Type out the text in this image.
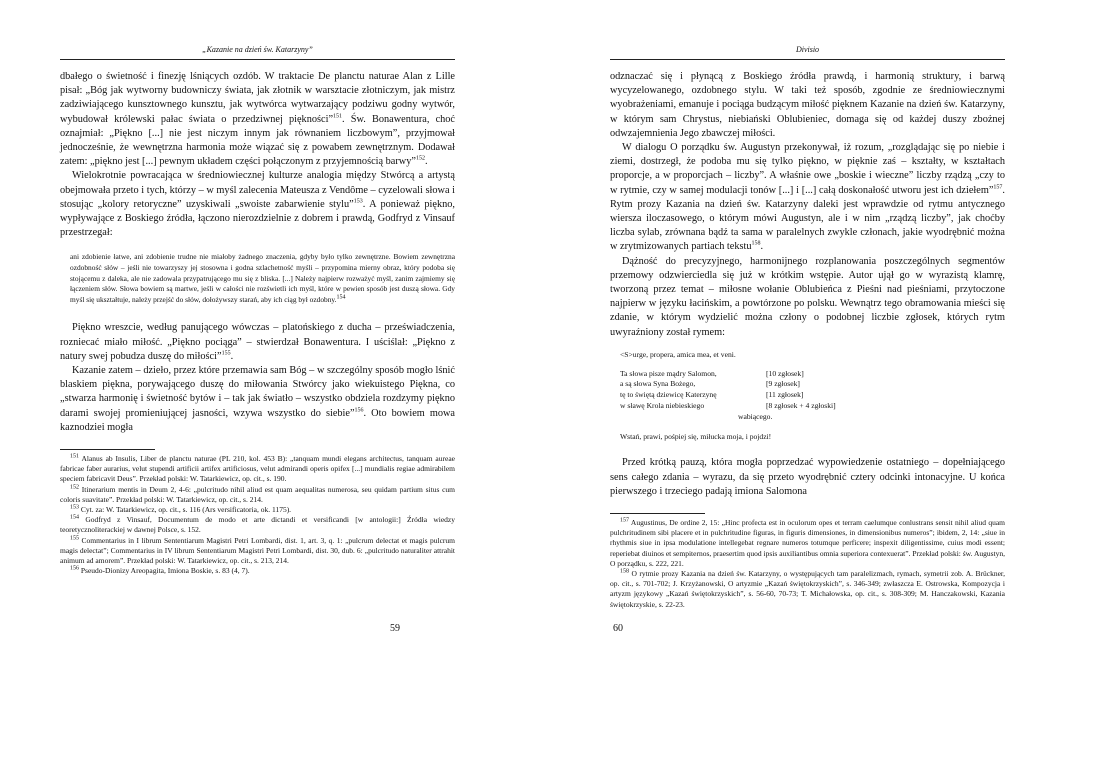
„Kazanie na dzień św. Katarzyny”

dbałego o świetność i finezję lśniących ozdób. W traktacie De planctu naturae Alan z Lille pisał: „Bóg jak wytworny budowniczy świata, jak złotnik w warsztacie złotniczym, jak mistrz zadziwiającego kunsztownego kunsztu, jak wytwórca wytwarzający podziwu godny wytwór, wybudował królewski pałac świata o przedziwnej piękności”$^{151}$. Św. Bonawentura, choć oznajmiał: „Piękno [...] nie jest niczym innym jak równaniem liczbowym”, przyjmował jednocześnie, że wewnętrzna harmonia może wiązać się z powabem zewnętrznym. Dodawał zatem: „piękno jest [...] pewnym układem części połączonym z przyjemnością barwy”$^{152}$.

Wielokrotnie powracająca w średniowiecznej kulturze analogia między Stwórcą a artystą obejmowała przeto i tych, którzy – w myśl zalecenia Mateusza z Vendôme – cyzelowali słowa i stosując „kolory retoryczne” uzyskiwali „swoiste zabarwienie stylu”$^{153}$. A ponieważ piękno, wypływające z Boskiego źródła, łączono nierozdzielnie z dobrem i prawdą, Godfryd z Vinsauf przestrzegał:

ani zdobienie łatwe, ani zdobienie trudne nie miałoby żadnego znaczenia, gdyby było tylko zewnętrzne. Bowiem zewnętrzna ozdobność słów – jeśli nie towarzyszy jej stosowna i godna szlachetność myśli – przypomina mierny obraz, który podoba się stojącemu z daleka, ale nie zadowala przypatrującego mu się z bliska. [...] Należy najpierw rozważyć myśl, zanim zajmiemy się łączeniem słów. Słowa bowiem są martwe, jeśli w całości nie rozświetli ich myśl, które w pewien sposób jest duszą słowa. Gdy myśl się ukształtuje, należy przejść do słów, dołożywszy starań, aby ich ciąg był ozdobny.$^{154}$

Piękno wreszcie, według panującego wówczas – platońskiego z ducha – przeświadczenia, rozniecać miało miłość. „Piękno pociąga” – stwierdzał Bonawentura. I uściślał: „Piękno z natury swej pobudza duszę do miłości”$^{155}$.

Kazanie zatem – dzieło, przez które przemawia sam Bóg – w szczególny sposób mogło lśnić blaskiem piękna, porywającego duszę do miłowania Stwórcy jako wiekuistego Piękna, co „stwarza harmonię i świetność bytów i – tak jak światło – wszystko obdziela rozdzymy piękno darami swojej promieniującej jasności, wzywa wszystko do siebie”$^{156}$. Oto bowiem mowa kaznodziei mogła

$^{151}$ Alanus ab Insulis, Liber de planctu naturae (PL 210, kol. 453 B): „tanquam mundi elegans architectus, tanquam aureae fabricae faber aurarius, velut stupendi artificii artifex artificiosus, velut admirandi operis opifex [...] mundialis regiae admirabilem speciem fabricavit Deus”. Przekład polski: W. Tatarkiewicz, op. cit., s. 190.

$^{152}$ Itinerarium mentis in Deum 2, 4-6: „pulcritudo nihil aliud est quam aequalitas numerosa, seu quidam partium situs cum coloris suavitate”. Przekład polski: W. Tatarkiewicz, op. cit., s. 214.

$^{153}$ Cyt. za: W. Tatarkiewicz, op. cit., s. 116 (Ars versificatoria, ok. 1175).

$^{154}$ Godfryd z Vinsauf, Documentum de modo et arte dictandi et versificandi [w antologii:] Źródła wiedzy teoretycznoliterackiej w dawnej Polsce, s. 152.

$^{155}$ Commentarius in I librum Sententiarum Magistri Petri Lombardi, dist. 1, art. 3, q. 1: „pulcrum delectat et magis pulcrum magis delectat”; Commentarius in IV librum Sententiarum Magistri Petri Lombardi, dist. 30, dub. 6: „pulcritudo naturaliter attrahit animum ad amorem”. Przekład polski: W. Tatarkiewicz, op. cit., s. 213, 214.

$^{156}$ Pseudo-Dionizy Areopagita, Imiona Boskie, s. 83 (4, 7).

59
Divisio

odznaczać się i płynącą z Boskiego źródła prawdą, i harmonią struktury, i barwą wycyzelowanego, ozdobnego stylu. W taki też sposób, zgodnie ze średniowiecznymi wyobrażeniami, emanuje i pociąga budzącym miłość pięknem Kazanie na dzień św. Katarzyny, w którym sam Chrystus, niebiański Oblubieniec, domaga się od każdej duszy zbożnej odwzajemnienia Jego zbawczej miłości.

W dialogu O porządku św. Augustyn przekonywał, iż rozum, „rozglądając się po niebie i ziemi, dostrzegł, że podoba mu się tylko piękno, w pięknie zaś – kształty, w kształtach proporcje, a w proporcjach – liczby”. A właśnie owe „boskie i wieczne” liczby rządzą „czy to w rytmie, czy w samej modulacji tonów [...] i [...] całą doskonałość utworu jest ich dziełem”$^{157}$. Rytm prozy Kazania na dzień św. Katarzyny daleki jest wprawdzie od rytmu antycznego wiersza iloczasowego, o którym mówi Augustyn, ale i w nim „rządzą liczby”, jak choćby liczba sylab, zrównana bądź ta sama w paralelnych zwykle członach, jakie wyodrębnić można w zrytmizowanych partiach tekstu$^{158}$.

Dążność do precyzyjnego, harmonijnego rozplanowania poszczególnych segmentów przemowy odzwierciedla się już w krótkim wstępie. Autor ujął go w wyrazistą klamrę, tworzoną przez temat – miłosne wołanie Oblubieńca z Pieśni nad pieśniami, przytoczone najpierw w języku łacińskim, a powtórzone po polsku. Wewnątrz tego obramowania mieści się zdanie, w którym wydzielić można człony o podobnej liczbie zgłosek, których rytm uwyraźniony został rymem:

<S>urge, propera, amica mea, et veni.
Ta słowa pisze mądry Salomon,	[10 zgłosek]
a są słowa Syna Bożego,	[9 zgłosek]
tę to świętą dziewicę Katerzynę	[11 zgłosek]
w sławę Krola niebieskiego	[8 zgłosek + 4 zgłoski]
wabiącego.
Wstań, prawi, pośpiej się, miłucka moja, i pojdzi!

Przed krótką pauzą, która mogła poprzedzać wypowiedzenie ostatniego – dopełniającego sens całego zdania – wyrazu, da się przeto wyodrębnić cztery odcinki intonacyjne. U końca pierwszego i trzeciego padają imiona Salomona

$^{157}$ Augustinus, De ordine 2, 15: „Hinc profecta est in oculorum opes et terram caelumque conlustrans sensit nihil aliud quam pulchritudinem sibi placere et in pulchritudine figuras, in figuris dimensiones, in dimensionibus numeros”; ibidem, 2, 14: „siue in rhythmis siue in ipsa modulatione intellegebat regnare numeros totumque perficere; inspexit diligentissime, cuius modi essent; reperiebat diuinos et sempiternos, praesertim quod ipsis auxiliantibus omnia superiora contexuerat”. Przekład polski: św. Augustyn, O porządku, s. 222, 221.

$^{158}$ O rytmie prozy Kazania na dzień św. Katarzyny, o występujących tam paralelizmach, rymach, symetrii zob. A. Brückner, op. cit., s. 701-702; J. Krzyżanowski, O artyzmie „Kazań świętokrzyskich”, s. 346-349; zwłaszcza E. Ostrowska, Kompozycja i artyzm językowy „Kazań świętokrzyskich”, s. 56-60, 70-73; T. Michałowska, op. cit., s. 308-309; M. Hanczakowski, Kazania świętokrzyskie, s. 22-23.

60
